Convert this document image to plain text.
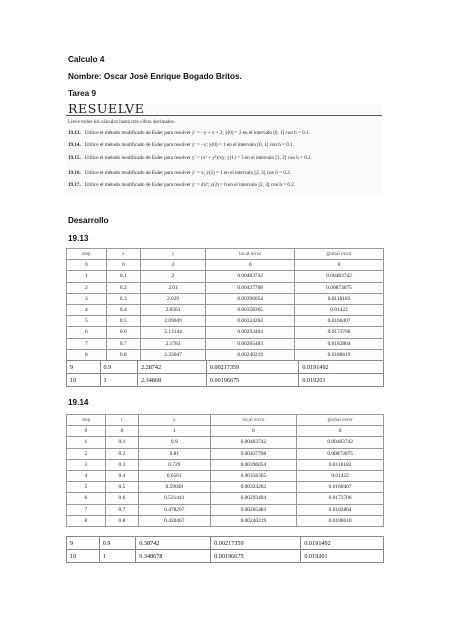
Calculo 4
Nombre: Oscar Josè Enrique Bogado Britos.
Tarea 9
RESUELVE
Lleve todos los cálculos hasta tres cifras decimales.
19.13. Utilice el método modificado de Euler para resolver y′ = −y + x + 2; y(0) = 2 en el intervalo [0, 1] con h = 0.1.
19.14. Utilice el método modificado de Euler para resolver y′ = −y; y(0) = 1 en el intervalo [0, 1] con h = 0.1.
19.15. Utilice el método modificado de Euler para resolver y′ = (x² + y²)/xy; y(1) = 3 en el intervalo [1, 2] con h = 0.2.
19.16. Utilice el método modificado de Euler para resolver y′ = x; y(2) = 1 en el intervalo [2, 3] con h = 0.2.
19.17. Utilice el método modificado de Euler para resolver y′ = 4x³; y(2) = 6 en el intervalo [2, 3] con h = 0.2.
Desarrollo
19.13
step	x	y	local error	global error
0	0	2	0	0
1	0.1	2	0.00483742	0.00483742
2	0.2	2.01	0.00437708	0.00873075
3	0.3	2.029	0.00396054	0.0118182
4	0.4	2.0561	0.00358365	0.01422
5	0.5	2.09049	0.00324262	0.0160407
6	0.6	2.13144	0.00293404	0.0173706
7	0.7	2.1783	0.00265483	0.0182864
8	0.8	2.23047	0.00240219	0.0188619
9	0.9	2.28742	0.00217359	0.0191492
10	1	2.34868	0.00196675	0.019201
19.14
step	t	y	local error	global error
0	0	1	0	0
1	0.1	0.9	0.00483742	0.00483742
2	0.2	0.81	0.00437708	0.00873075
3	0.3	0.729	0.00396054	0.0118182
4	0.4	0.6561	0.00358365	0.01422
5	0.5	0.59049	0.00324262	0.0160407
6	0.6	0.531441	0.00293404	0.0173706
7	0.7	0.478297	0.00265483	0.0182864
8	0.8	0.430467	0.00240219	0.0188618
9	0.9	0.38742	0.00217359	0.0191492
10	1	0.348678	0.00196675	0.019201
